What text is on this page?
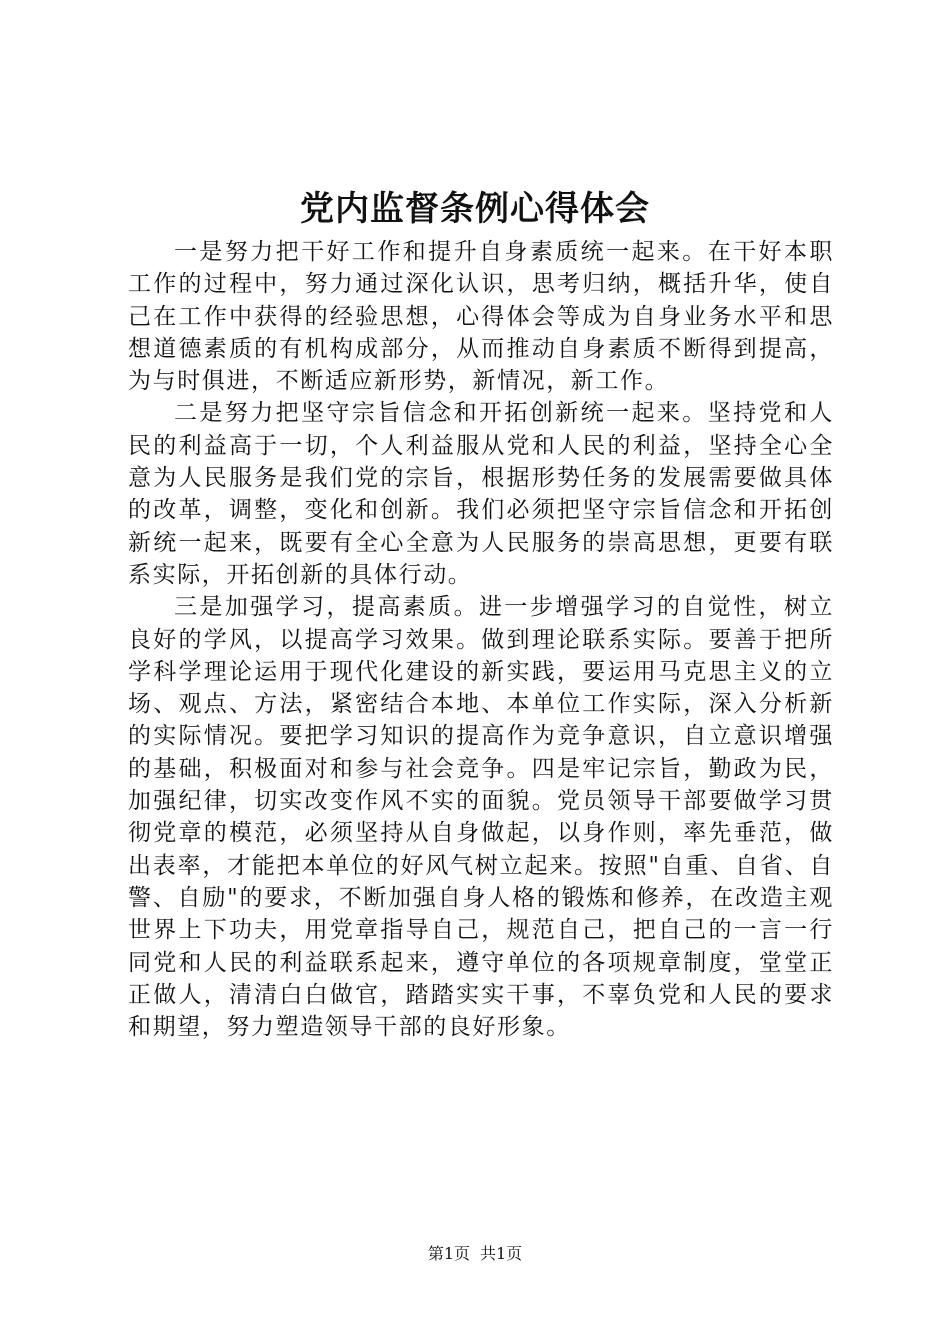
党内监督条例心得体会

一是努力把干好工作和提升自身素质统一起来。在干好本职工作的过程中，努力通过深化认识，思考归纳，概括升华，使自己在工作中获得的经验思想，心得体会等成为自身业务水平和思想道德素质的有机构成部分，从而推动自身素质不断得到提高，为与时俱进，不断适应新形势，新情况，新工作。

二是努力把坚守宗旨信念和开拓创新统一起来。坚持党和人民的利益高于一切，个人利益服从党和人民的利益，坚持全心全意为人民服务是我们党的宗旨，根据形势任务的发展需要做具体的改革，调整，变化和创新。我们必须把坚守宗旨信念和开拓创新统一起来，既要有全心全意为人民服务的崇高思想，更要有联系实际，开拓创新的具体行动。

三是加强学习，提高素质。进一步增强学习的自觉性，树立良好的学风，以提高学习效果。做到理论联系实际。要善于把所学科学理论运用于现代化建设的新实践，要运用马克思主义的立场、观点、方法，紧密结合本地、本单位工作实际，深入分析新的实际情况。要把学习知识的提高作为竞争意识，自立意识增强的基础，积极面对和参与社会竞争。四是牢记宗旨，勤政为民，加强纪律，切实改变作风不实的面貌。党员领导干部要做学习贯彻党章的模范，必须坚持从自身做起，以身作则，率先垂范，做出表率，才能把本单位的好风气树立起来。按照"自重、自省、自警、自励"的要求，不断加强自身人格的锻炼和修养，在改造主观世界上下功夫，用党章指导自己，规范自己，把自己的一言一行同党和人民的利益联系起来，遵守单位的各项规章制度，堂堂正正做人，清清白白做官，踏踏实实干事，不辜负党和人民的要求和期望，努力塑造领导干部的良好形象。

第1页 共1页
